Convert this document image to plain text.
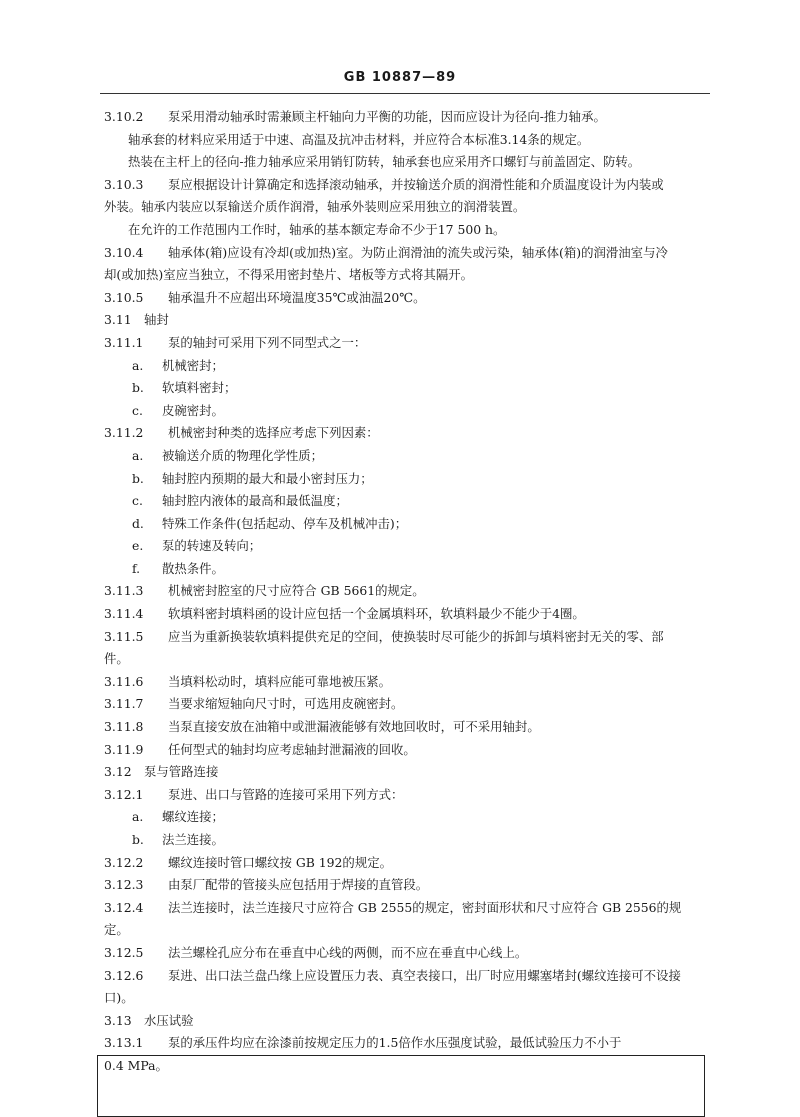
GB 10887—89
3.10.2 泵采用滑动轴承时需兼顾主杆轴向力平衡的功能，因而应设计为径向-推力轴承。
轴承套的材料应采用适于中速、高温及抗冲击材料，并应符合本标准3.14条的规定。
热装在主杆上的径向-推力轴承应采用销钉防转，轴承套也应采用齐口螺钉与前盖固定、防转。
3.10.3 泵应根据设计计算确定和选择滚动轴承，并按输送介质的润滑性能和介质温度设计为内装或
外装。轴承内装应以泵输送介质作润滑，轴承外装则应采用独立的润滑装置。
在允许的工作范围内工作时，轴承的基本额定寿命不少于17 500 h。
3.10.4 轴承体(箱)应设有冷却(或加热)室。为防止润滑油的流失或污染，轴承体(箱)的润滑油室与冷
却(或加热)室应当独立，不得采用密封垫片、堵板等方式将其隔开。
3.10.5 轴承温升不应超出环境温度35℃或油温20℃。
3.11 轴封
3.11.1 泵的轴封可采用下列不同型式之一：
a. 机械密封；
b. 软填料密封；
c. 皮碗密封。
3.11.2 机械密封种类的选择应考虑下列因素：
a. 被输送介质的物理化学性质；
b. 轴封腔内预期的最大和最小密封压力；
c. 轴封腔内液体的最高和最低温度；
d. 特殊工作条件(包括起动、停车及机械冲击)；
e. 泵的转速及转向；
f. 散热条件。
3.11.3 机械密封腔室的尺寸应符合 GB 5661的规定。
3.11.4 软填料密封填料函的设计应包括一个金属填料环，软填料最少不能少于4圈。
3.11.5 应当为重新换装软填料提供充足的空间，使换装时尽可能少的拆卸与填料密封无关的零、部
件。
3.11.6 当填料松动时，填料应能可靠地被压紧。
3.11.7 当要求缩短轴向尺寸时，可选用皮碗密封。
3.11.8 当泵直接安放在油箱中或泄漏液能够有效地回收时，可不采用轴封。
3.11.9 任何型式的轴封均应考虑轴封泄漏液的回收。
3.12 泵与管路连接
3.12.1 泵进、出口与管路的连接可采用下列方式：
a. 螺纹连接；
b. 法兰连接。
3.12.2 螺纹连接时管口螺纹按 GB 192的规定。
3.12.3 由泵厂配带的管接头应包括用于焊接的直管段。
3.12.4 法兰连接时，法兰连接尺寸应符合 GB 2555的规定，密封面形状和尺寸应符合 GB 2556的规
定。
3.12.5 法兰螺栓孔应分布在垂直中心线的两侧，而不应在垂直中心线上。
3.12.6 泵进、出口法兰盘凸缘上应设置压力表、真空表接口，出厂时应用螺塞堵封(螺纹连接可不设接
口)。
3.13 水压试验
3.13.1 泵的承压件均应在涂漆前按规定压力的1.5倍作水压强度试验，最低试验压力不小于
0.4 MPa。
